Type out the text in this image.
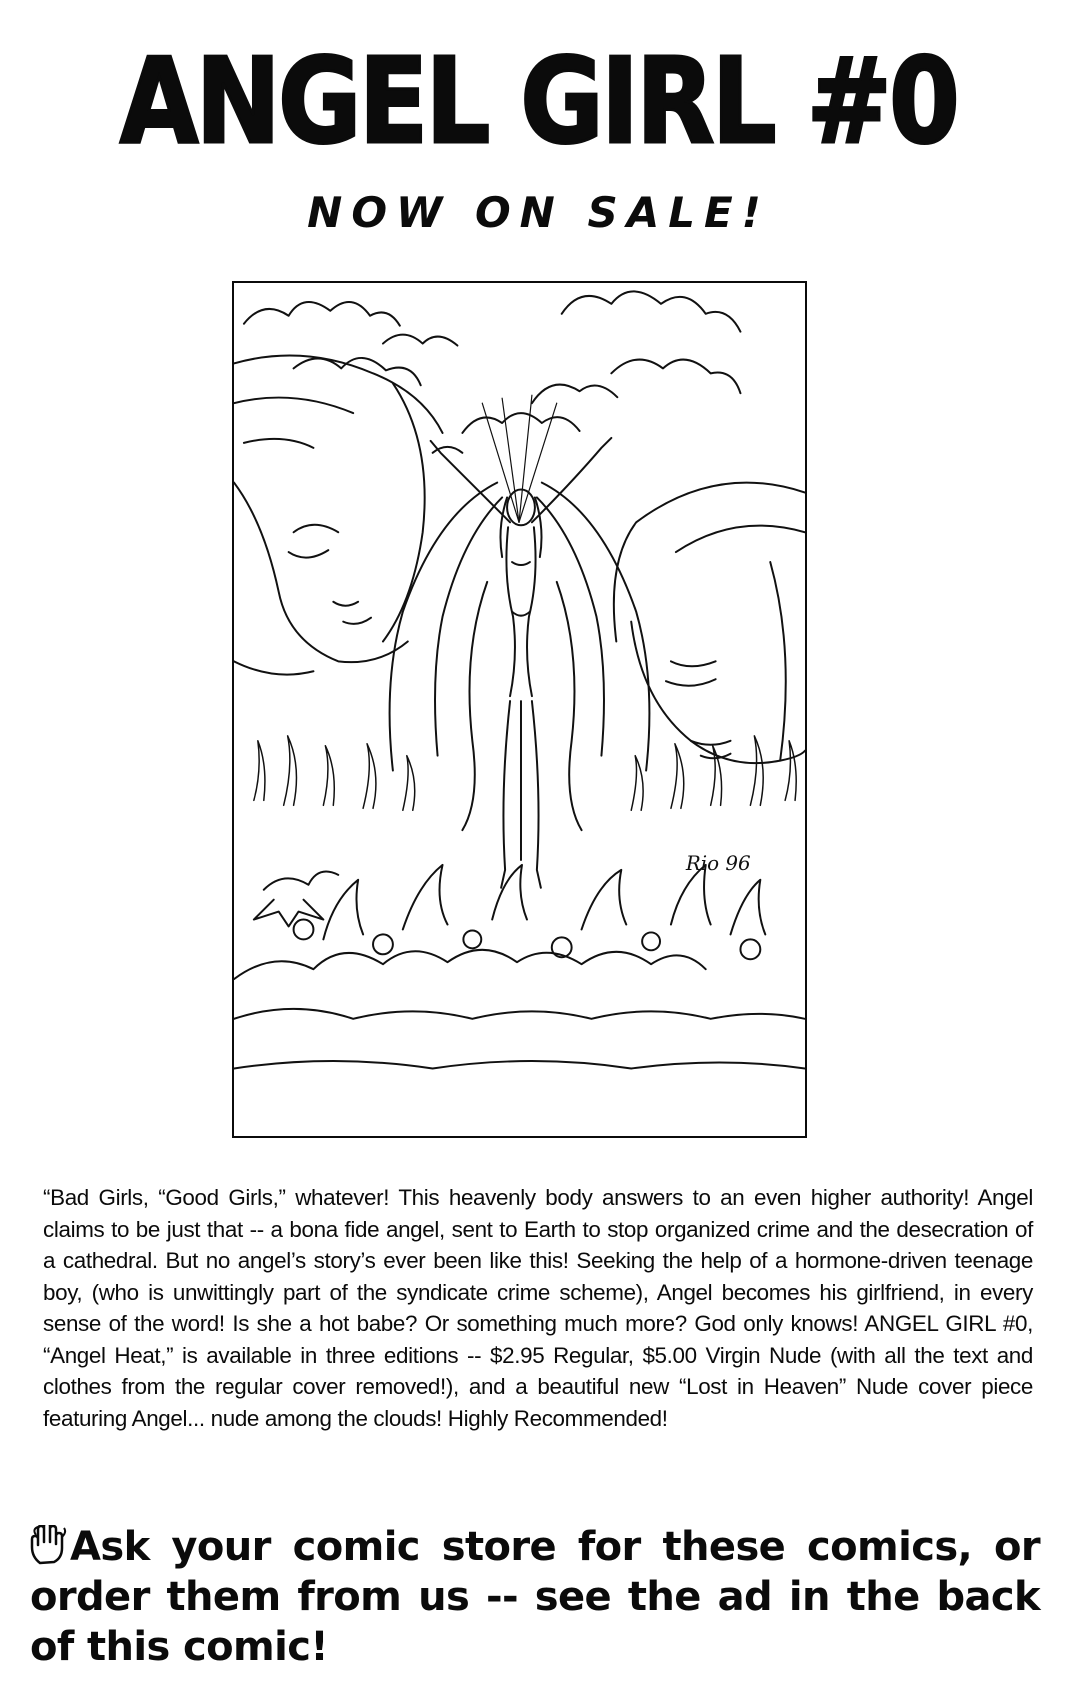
ANGEL GIRL #0
NOW ON SALE!
Rio 96

“Bad Girls, “Good Girls,” whatever! This heavenly body answers to an even higher authority! Angel claims to be just that -- a bona fide angel, sent to Earth to stop organized crime and the desecration of a cathedral. But no angel’s story’s ever been like this! Seeking the help of a hormone-driven teenage boy, (who is unwittingly part of the syndicate crime scheme), Angel becomes his girlfriend, in every sense of the word! Is she a hot babe? Or something much more? God only knows! ANGEL GIRL #0, “Angel Heat,” is available in three editions -- $2.95 Regular, $5.00 Virgin Nude (with all the text and clothes from the regular cover removed!), and a beautiful new “Lost in Heaven” Nude cover piece featuring Angel... nude among the clouds! Highly Recommended!

Ask your comic store for these comics, or order them from us -- see the ad in the back of this comic!
